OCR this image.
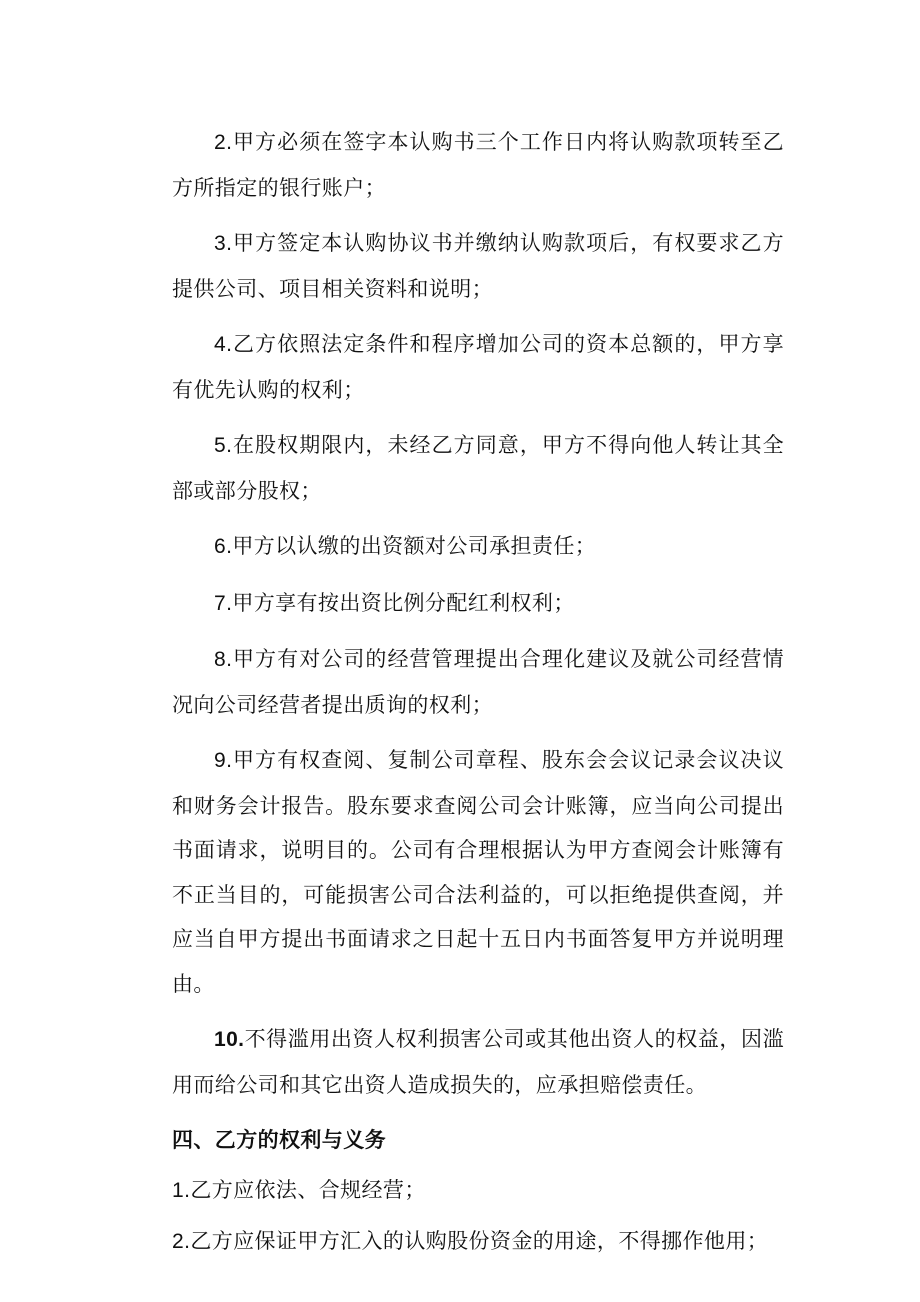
2.甲方必须在签字本认购书三个工作日内将认购款项转至乙方所指定的银行账户；

3.甲方签定本认购协议书并缴纳认购款项后，有权要求乙方提供公司、项目相关资料和说明；

4.乙方依照法定条件和程序增加公司的资本总额的，甲方享有优先认购的权利；

5.在股权期限内，未经乙方同意，甲方不得向他人转让其全部或部分股权；

6.甲方以认缴的出资额对公司承担责任；

7.甲方享有按出资比例分配红利权利；

8.甲方有对公司的经营管理提出合理化建议及就公司经营情况向公司经营者提出质询的权利；

9.甲方有权查阅、复制公司章程、股东会会议记录会议决议和财务会计报告。股东要求查阅公司会计账簿，应当向公司提出书面请求，说明目的。公司有合理根据认为甲方查阅会计账簿有不正当目的，可能损害公司合法利益的，可以拒绝提供查阅，并应当自甲方提出书面请求之日起十五日内书面答复甲方并说明理由。

10.不得滥用出资人权利损害公司或其他出资人的权益，因滥用而给公司和其它出资人造成损失的，应承担赔偿责任。

四、乙方的权利与义务

1.乙方应依法、合规经营；

2.乙方应保证甲方汇入的认购股份资金的用途，不得挪作他用；
